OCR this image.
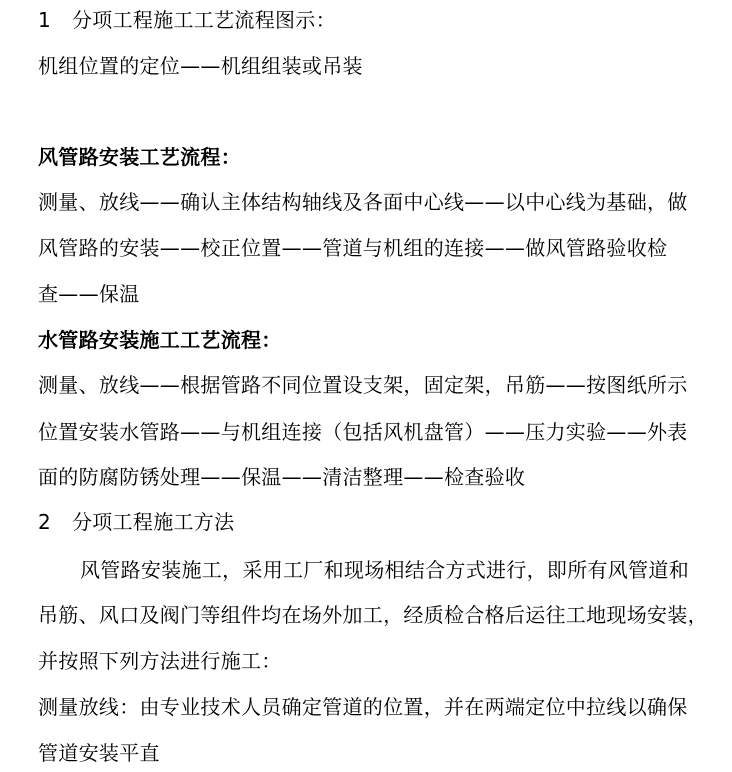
1 分项工程施工工艺流程图示：
机组位置的定位——机组组装或吊装
风管路安装工艺流程：
测量、放线——确认主体结构轴线及各面中心线——以中心线为基础，做
风管路的安装——校正位置——管道与机组的连接——做风管路验收检
查——保温
水管路安装施工工艺流程：
测量、放线——根据管路不同位置设支架，固定架，吊筋——按图纸所示
位置安装水管路——与机组连接（包括风机盘管）——压力实验——外表
面的防腐防锈处理——保温——清洁整理——检查验收
2 分项工程施工方法
风管路安装施工，采用工厂和现场相结合方式进行，即所有风管道和
吊筋、风口及阀门等组件均在场外加工，经质检合格后运往工地现场安装，
并按照下列方法进行施工：
测量放线：由专业技术人员确定管道的位置，并在两端定位中拉线以确保
管道安装平直
